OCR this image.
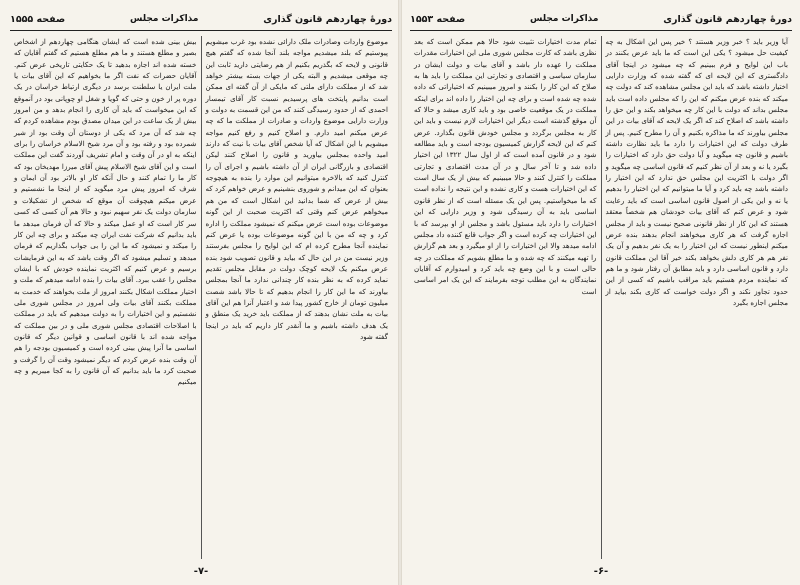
دورهٔ چهاردهم قانون گذاری
مذاکرات مجلس
صفحه ۱۵۵۵
موضوع واردات وصادرات ملک دارائی نشده بود غرب میشویم پیوستیم که بلند میشدیم مواجه بلند آنجا شده که گفتم هیچ قانونی و لایحه که بگذریم بکنیم از هم رضایتی دارید ثابت این چه موقعی میشدیم و البته یکی از جهات بسته بیشتر خواهد شد که از مملکت دارای ملتی که مایکی از آن گفته ای ممکن است بدانیم پایتخت های پرسیدیم نسبت کار آقای تیمسار احمدی که از حدود رسیدگی کنند که من این قسمت به دولت و وزارت دارایی موضوع واردات و صادرات از مملکت ما که چه عرض میکنم امید دارم. و اصلاح کنیم و رفع کنیم مواجه میشویم با این اشکال که آیا شخص آقای بیات با نیت که دارند امید واحده بمجلس بیاورید و قانون را اصلاح کنند لیکن اقتصادی و بازرگانی ایران از آن داشته باشیم و اجرای آن را کنترل کنید که بالاخره میتوانیم این موارد را بنده به هیچوجه بعنوان که این میدانم و شوروی بنشینیم و عرض خواهم کرد که بیش از عرض که شما بدانید این اشکال است که من هم میخواهم عرض کنم وقتی که اکثریت صحبت از این گونه موضوعات بوده است عرض میکنم که نمیشود مملکت را اداره کرد و چه که من با این گونه موضوعات بوده یا عرض کنم نماینده آنجا مطرح کرده ام که این لوایح را مجلس بفرستند وزیر نیست من در این حال که بیاید و قانون تصویب شود بنده عرض میکنم یک لایحه کوچک دولت در مقابل مجلس تقدیم نماید کرده که به نظر بنده کار چندانی ندارد ما آنجا بمجلس بیاورند که ما این کار را انجام بدهیم که تا حالا باشد شصت میلیون تومان از خارج کشور پیدا شد و اعتبار آنرا هم این آقای بیات به ملت نشان بدهند که از مملکت باید خرید یک منطق و یک هدف داشته باشیم و ما آنقدر کار داریم که باید در اینجا گفته شود
بیش بینی شده است که ایشان هنگامی چهاردهم از اشخاص بصیر و مطلع هستند و ما هم مطلع هستیم که گفتم آقایان که خسته شده اند اجازه بدهید تا یک حکایتی تاریخی عرض کنم. آقایان حضرات که نفت اگر ما بخواهیم که این آقای بیات یا ملت ایران یا سلطنت برسد در دیگری ارتباط خراسان در یک دوره پر از خون و حتی که گویا و شغل او چوپانی بود در آنموقع که این میخواست که باید آن کاری را انجام بدهد و من امروز بیش از یک ساعت در این میدان مصدق بودم مشاهده کردم که چه شد که آن مرد که یکی از دوستان آن وقت بود از شیر شمرده بود و رفته بود و آن مرد شیخ الاسلام خراسان را برای اینکه به او در آن وقت و امام تشریف آوردند گفت این مملکت است و این آقای شیخ الاسلام پیش آقای میرزا مهدیخان بود که کار ما را تمام کنند و حال آنکه کار او بالاتر بود آن ایمان و شرف که امروز پیش مرد میگوید که از اینجا ما نشستیم و عرض میکنم هیچوقت آن موقع که شخص از تشکیلات و سازمان دولت یک نفر سهیم نبود و حالا هم آن کسی که کسی سر کار است که او عمل میکند و حالا که آن فرمان میدهد ما باید بدانیم که شرکت نفت ایران چه میکند و برای چه این کار را میکند و نمیشود که ما این را بی جواب بگذاریم که فرمان میدهد و تسلیم میشود که اگر وقت باشد که به این فرمایشات برسیم و عرض کنیم که اکثریت نماینده خودش که با ایشان مجلس را عقب ببرد. آقای بیات را بنده ادامه میدهم که ملت و اختیار مملکت اشکال بکنند امروز از ملت بخواهند که خدمت به مملکت بکنند آقای بیات ولی امروز در مجلس شوری ملی نشستیم و این اختیارات را به دولت میدهیم که باید در مملکت با اصلاحات اقتصادی مجلس شوری ملی و در بین مملکت که مواجه شده اند با قانون اساسی و قوانین دیگر که قانون اساسی ما آنرا پیش بینی کرده است و کمیسیون بودجه را هم آن وقت بنده عرض کردم که دیگر نمیشود وقت آن را گرفت و صحبت کرد ما باید بدانیم که آن قانون را به کجا میبریم و چه میکنیم
-۷-
دورهٔ چهاردهم قانون گذاری
مذاکرات مجلس
صفحه ۱۵۵۳
آیا وزیر باید ؟ خبر وزیر هستند ؟ خیر پس این اشکال به چه کیفیت حل میشود ؟ یکی این است که ما باید عرض بکنند در باب این لوایح و فرم ببینیم که چه میشود در اینجا آقای دادگستری که این لایحه ای که گفته شده که وزارت دارایی اختیار داشته باشد که باید این مجلس مشاهده کند که دولت چه میکند که بنده عرض میکنم که این را که مجلس داده است باید مجلس بداند که دولت با این کار چه میخواهد بکند و این حق را داشته باشد که اصلاح کند که اگر یک لایحه که آقای بیات در این مجلس بیاورند که ما مذاکره بکنیم و آن را مطرح کنیم. پس از طرف دولت که این اختیارات را دارد ما باید نظارت داشته باشیم و قانون چه میگوید و آیا دولت حق دارد که اختیارات را بگیرد یا نه و بعد از آن نظر کنیم که قانون اساسی چه میگوید و اگر دولت با اکثریت این مجلس حق ندارد که این اختیار را داشته باشد چه باید کرد و آیا ما میتوانیم که این اختیار را بدهیم یا نه و این یکی از اصول قانون اساسی است که باید رعایت شود و عرض کنم که آقای بیات خودشان هم شخصاً معتقد هستند که این کار از نظر قانونی صحیح نیست و باید از مجلس اجازه گرفت که هر کاری میخواهند انجام بدهند بنده عرض میکنم اینطور نیست که این اختیار را به یک نفر بدهیم و آن یک نفر هم هر کاری دلش بخواهد بکند خیر آقا این مملکت قانون دارد و قانون اساسی دارد و باید مطابق آن رفتار شود و ما هم که نماینده مردم هستیم باید مراقب باشیم که کسی از این حدود تجاوز نکند و اگر دولت خواست که کاری بکند بیاید از مجلس اجازه بگیرد
تمام مدت اختیارات تثبیت شود حالا هم ممکن است که بعد نظری باشد که کارت مجلس شوری ملی این اختیارات مقدرات مملکت را عهده دار باشد و آقای بیات و دولت ایشان در سازمان سیاسی و اقتصادی و تجارتی این مملکت را باید ها به صلاح که این کار را بکنند و امروز میبینیم که اختیاراتی که داده شده چه شده است و برای چه این اختیار را داده اند برای اینکه مملکت در یک موقعیت خاصی بود و باید کاری میشد و حالا که آن موقع گذشته است دیگر این اختیارات لازم نیست و باید این کار به مجلس برگردد و مجلس خودش قانون بگذارد. عرض کنم که این لایحه گزارش کمیسیون بودجه است و باید مطالعه شود و در قانون آمده است که از اول سال ۱۳۲۲ این اختیار داده شد و تا آخر سال و در آن مدت اقتصادی و تجارتی مملکت را کنترل کنند و حالا میبینیم که بیش از یک سال است که این اختیارات هست و کاری نشده و این نتیجه را نداده است که ما میخواستیم. پس این یک مسئله است که از نظر قانون اساسی باید به آن رسیدگی شود و وزیر دارایی که این اختیارات را دارد باید مسئول باشد و مجلس از او بپرسد که با این اختیارات چه کرده است و اگر جواب قانع کننده داد مجلس ادامه میدهد والا این اختیارات را از او میگیرد و بعد هم گزارش را تهیه میکنند که چه شده و ما مطلع بشویم که مملکت در چه حالی است و با این وضع چه باید کرد و امیدوارم که آقایان نمایندگان به این مطلب توجه بفرمایند که این یک امر اساسی است
-۶-
